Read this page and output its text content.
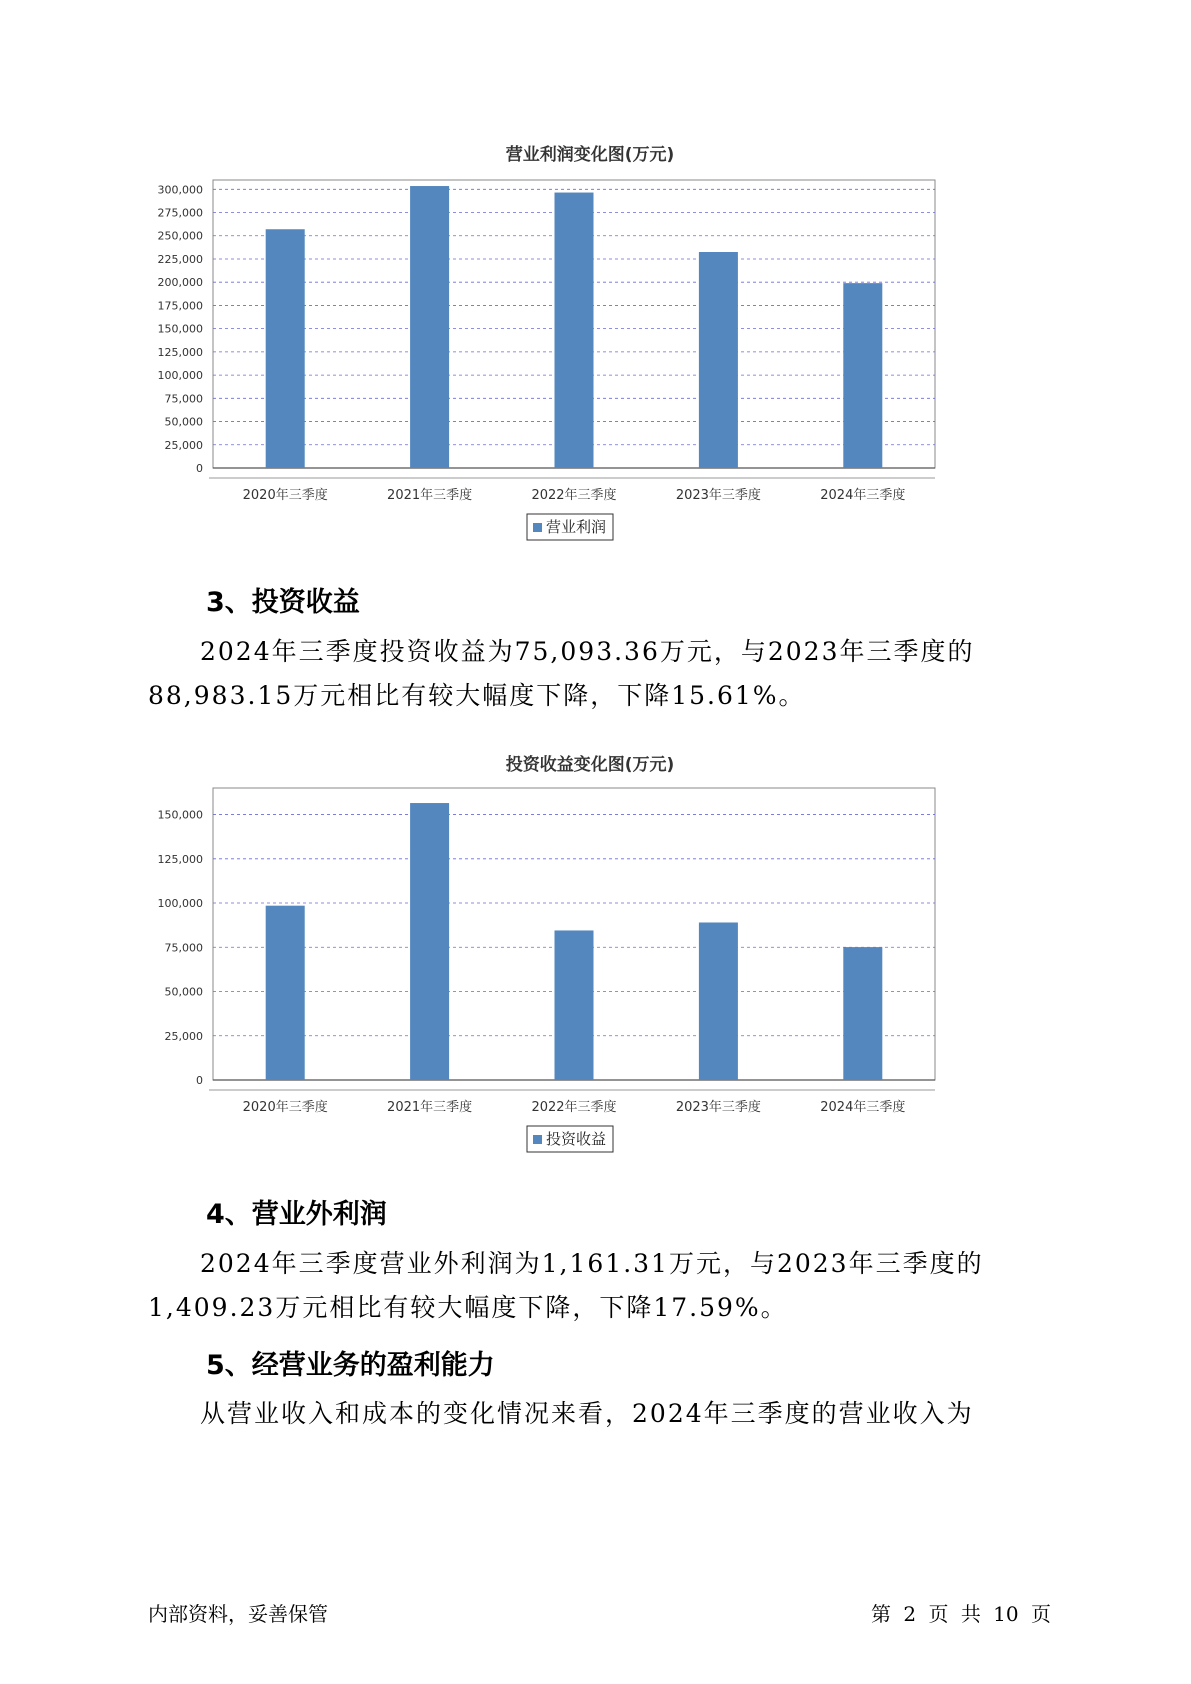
营业利润变化图(万元)
0
25,000
50,000
75,000
100,000
125,000
150,000
175,000
200,000
225,000
250,000
275,000
300,000
2020年三季度	2021年三季度	2022年三季度	2023年三季度	2024年三季度
营业利润
3、投资收益
2024年三季度投资收益为75,093.36万元，与2023年三季度的88,983.15万元相比有较大幅度下降，下降15.61%。
投资收益变化图(万元)
0
25,000
50,000
75,000
100,000
125,000
150,000
2020年三季度	2021年三季度	2022年三季度	2023年三季度	2024年三季度
投资收益
4、营业外利润
2024年三季度营业外利润为1,161.31万元，与2023年三季度的1,409.23万元相比有较大幅度下降，下降17.59%。
5、经营业务的盈利能力
从营业收入和成本的变化情况来看，2024年三季度的营业收入为
内部资料，妥善保管	第 2 页 共 10 页
